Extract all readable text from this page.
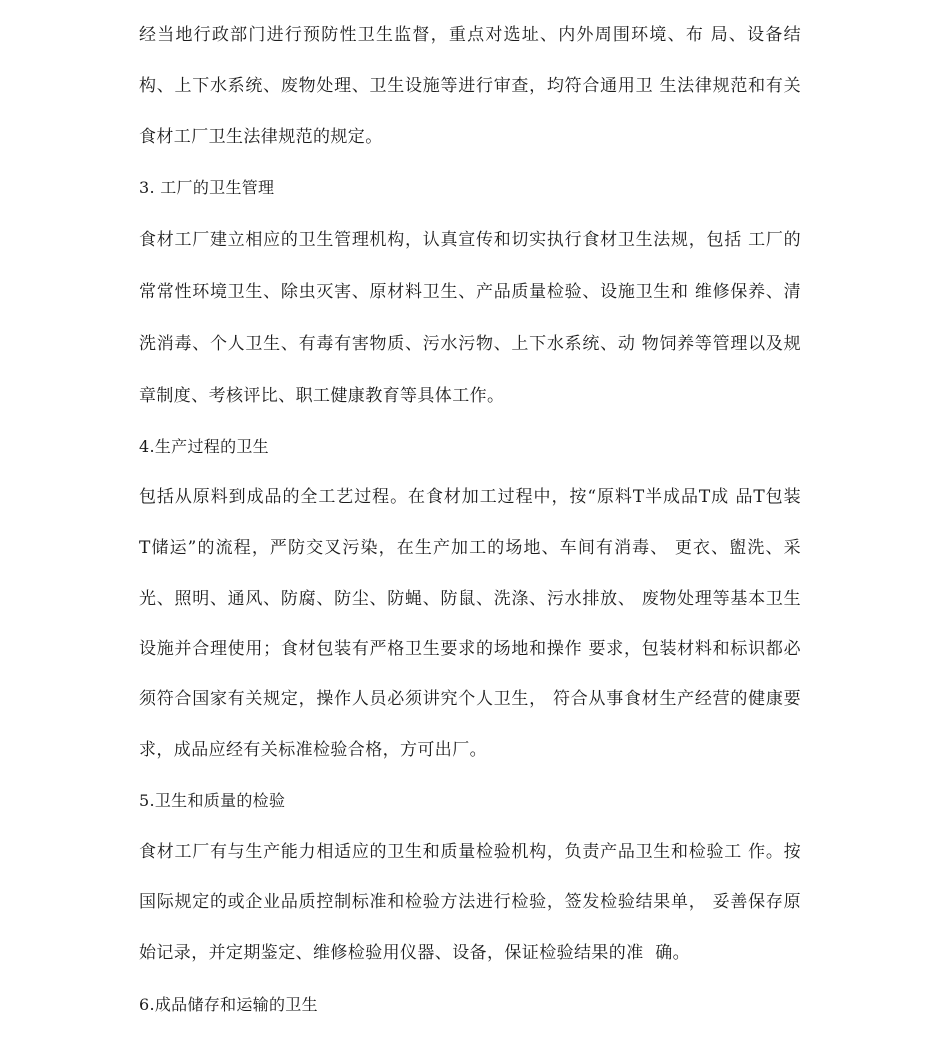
经当地行政部门进行预防性卫生监督，重点对选址、内外周围环境、布 局、设备结
构、上下水系统、废物处理、卫生设施等进行审查，均符合通用卫 生法律规范和有关
食材工厂卫生法律规范的规定。
3. 工厂的卫生管理
食材工厂建立相应的卫生管理机构，认真宣传和切实执行食材卫生法规，包括 工厂的
常常性环境卫生、除虫灭害、原材料卫生、产品质量检验、设施卫生和 维修保养、清
洗消毒、个人卫生、有毒有害物质、污水污物、上下水系统、动 物饲养等管理以及规
章制度、考核评比、职工健康教育等具体工作。
4.生产过程的卫生
包括从原料到成品的全工艺过程。在食材加工过程中，按“原料T半成品T成 品T包装
T储运”的流程，严防交叉污染，在生产加工的场地、车间有消毒、 更衣、盥洗、采
光、照明、通风、防腐、防尘、防蝇、防鼠、洗涤、污水排放、 废物处理等基本卫生
设施并合理使用；食材包装有严格卫生要求的场地和操作 要求，包装材料和标识都必
须符合国家有关规定，操作人员必须讲究个人卫生， 符合从事食材生产经营的健康要
求，成品应经有关标准检验合格，方可出厂。
5.卫生和质量的检验
食材工厂有与生产能力相适应的卫生和质量检验机构，负责产品卫生和检验工 作。按
国际规定的或企业品质控制标准和检验方法进行检验，签发检验结果单， 妥善保存原
始记录，并定期鉴定、维修检验用仪器、设备，保证检验结果的准  确。
6.成品储存和运输的卫生
